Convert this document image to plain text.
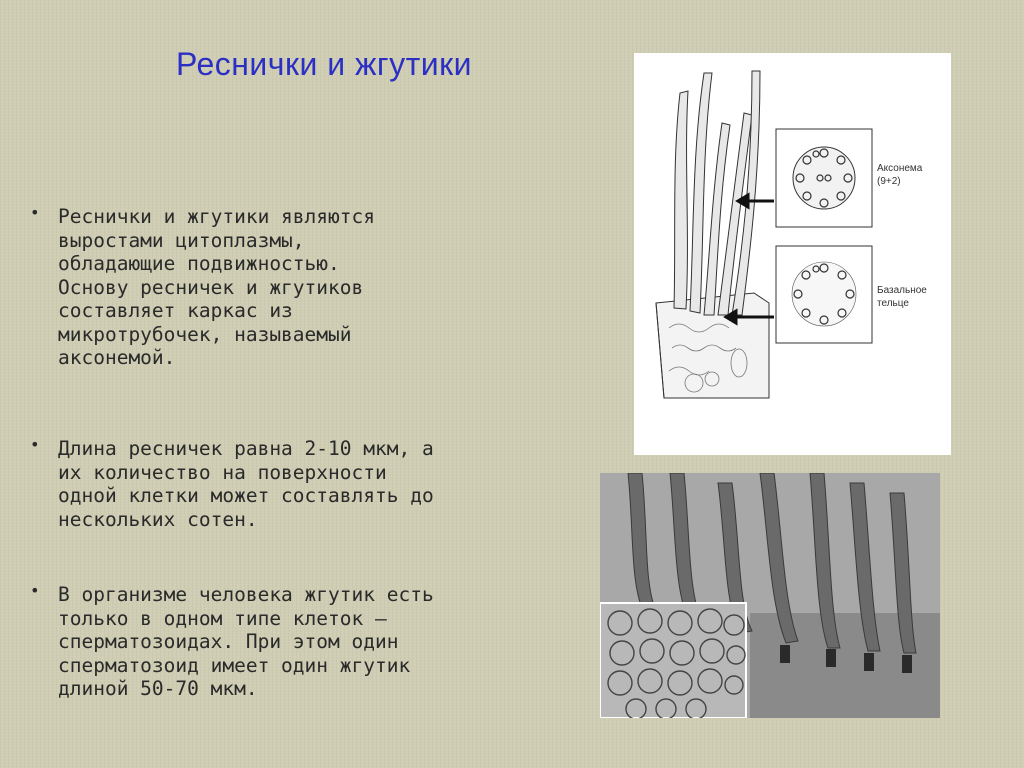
Реснички и жгутики
• Реснички и жгутики являются
выростами цитоплазмы,
обладающие подвижностью.
Основу ресничек и жгутиков
составляет каркас из
микротрубочек, называемый
аксонемой.
• Длина ресничек равна 2-10 мкм, а
их количество на поверхности
одной клетки может составлять до
нескольких сотен.
• В организме человека жгутик есть
только в одном типе клеток –
сперматозоидах. При этом один
сперматозоид имеет один жгутик
длиной 50-70 мкм.
Аксонема
(9+2)
Базальное
тельце
